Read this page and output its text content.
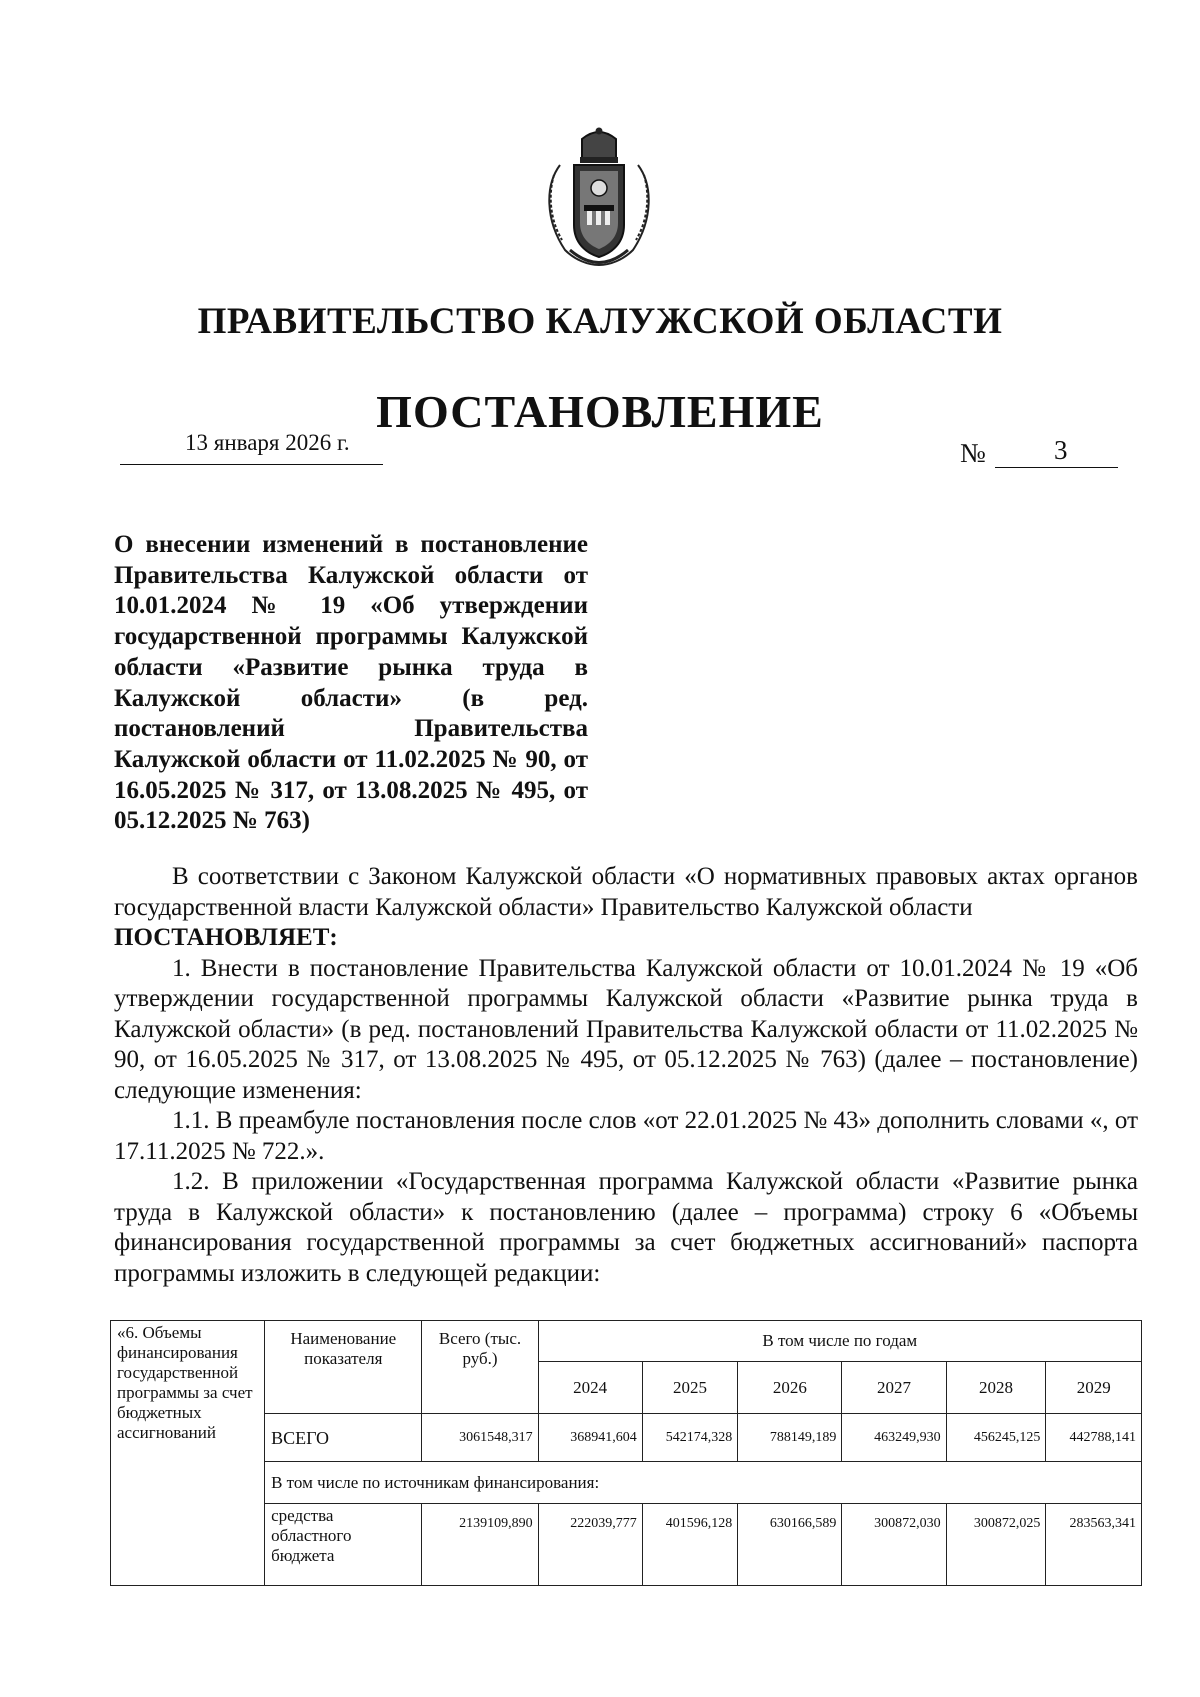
ПРАВИТЕЛЬСТВО КАЛУЖСКОЙ ОБЛАСТИ
ПОСТАНОВЛЕНИЕ
13 января 2026 г.	№	3
О внесении изменений в постановление Правительства Калужской области от 10.01.2024 № 19 «Об утверждении государственной программы Калужской области «Развитие рынка труда в Калужской области» (в ред. постановлений Правительства Калужской области от 11.02.2025 № 90, от 16.05.2025 № 317, от 13.08.2025 № 495, от 05.12.2025 № 763)

В соответствии с Законом Калужской области «О нормативных правовых актах органов государственной власти Калужской области» Правительство Калужской области

ПОСТАНОВЛЯЕТ:

1. Внести в постановление Правительства Калужской области от 10.01.2024 № 19 «Об утверждении государственной программы Калужской области «Развитие рынка труда в Калужской области» (в ред. постановлений Правительства Калужской области от 11.02.2025 № 90, от 16.05.2025 № 317, от 13.08.2025 № 495, от 05.12.2025 № 763) (далее – постановление) следующие изменения:

1.1. В преамбуле постановления после слов «от 22.01.2025 № 43» дополнить словами «, от 17.11.2025 № 722.».

1.2. В приложении «Государственная программа Калужской области «Развитие рынка труда в Калужской области» к постановлению (далее – программа) строку 6 «Объемы финансирования государственной программы за счет бюджетных ассигнований» паспорта программы изложить в следующей редакции:

«6. Объемы финансирования государственной программы за счет бюджетных ассигнований	Наименование показателя	Всего (тыс. руб.)	В том числе по годам					
			2024	2025	2026	2027	2028	2029
	ВСЕГО	3061548,317	368941,604	542174,328	788149,189	463249,930	456245,125	442788,141
	В том числе по источникам финансирования:							
	средства областного бюджета	2139109,890	222039,777	401596,128	630166,589	300872,030	300872,025	283563,341
